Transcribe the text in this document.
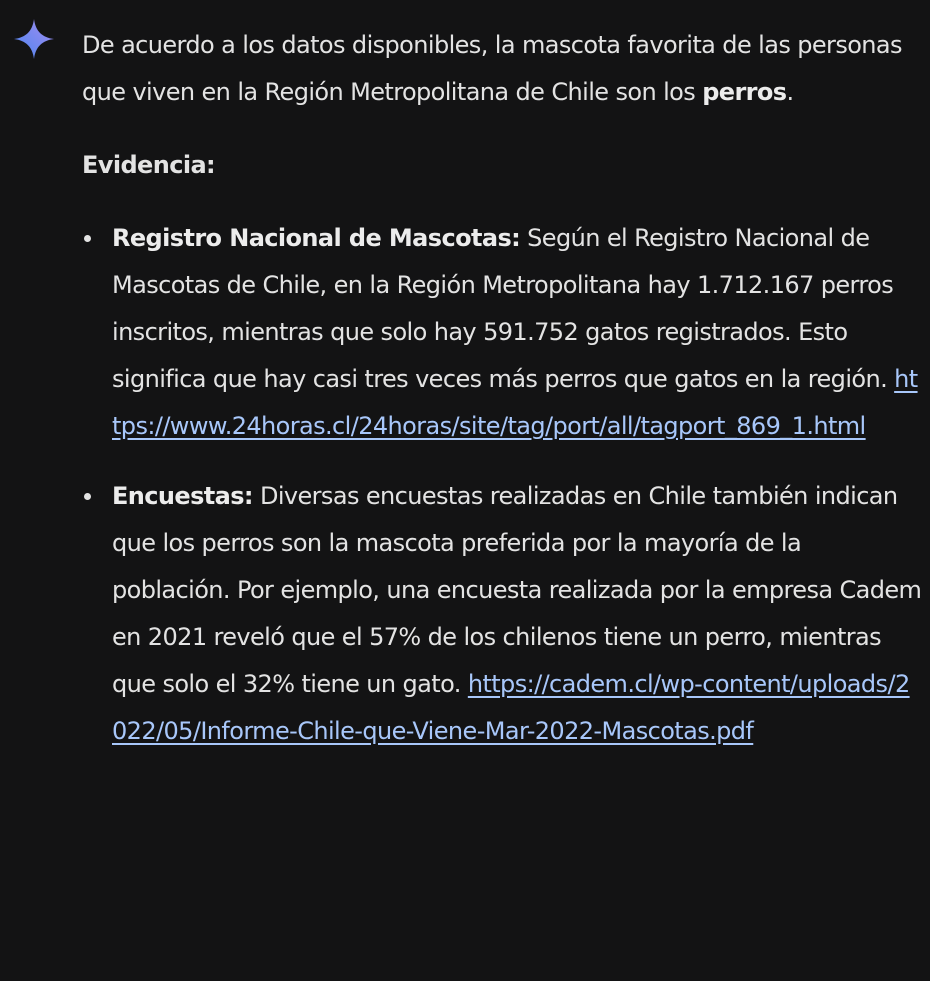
De acuerdo a los datos disponibles, la mascota favorita de las personas que viven en la Región Metropolitana de Chile son los perros.

Evidencia:

Registro Nacional de Mascotas: Según el Registro Nacional de Mascotas de Chile, en la Región Metropolitana hay 1.712.167 perros inscritos, mientras que solo hay 591.752 gatos registrados. Esto significa que hay casi tres veces más perros que gatos en la región. https://www.24horas.cl/24horas/site/tag/port/all/tagport_869_1.html
Encuestas: Diversas encuestas realizadas en Chile también indican que los perros son la mascota preferida por la mayoría de la población. Por ejemplo, una encuesta realizada por la empresa Cadem en 2021 reveló que el 57% de los chilenos tiene un perro, mientras que solo el 32% tiene un gato. https://cadem.cl/wp-content/uploads/2022/05/Informe-Chile-que-Viene-Mar-2022-Mascotas.pdf
